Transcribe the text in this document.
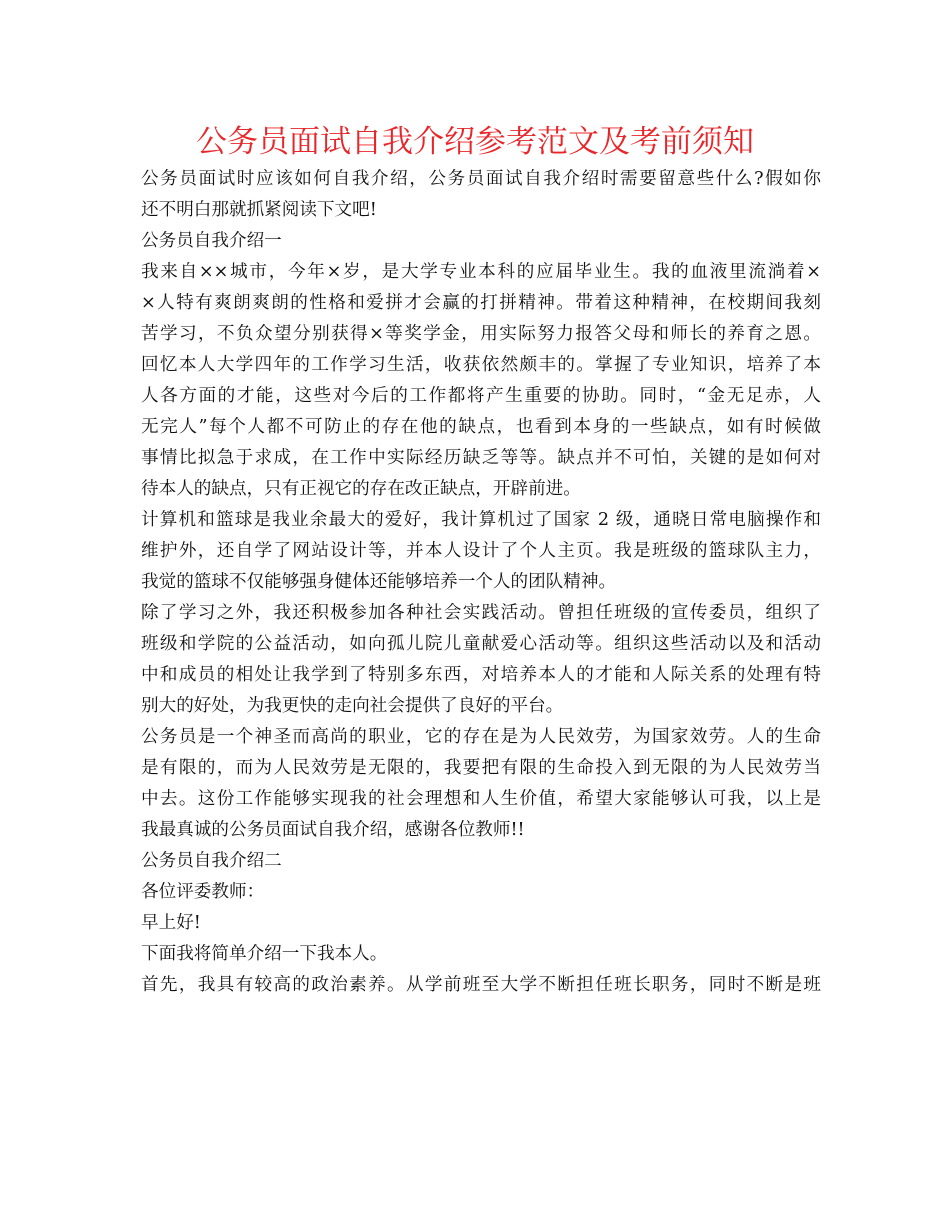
公务员面试自我介绍参考范文及考前须知
公务员面试时应该如何自我介绍，公务员面试自我介绍时需要留意些什么?假如你
还不明白那就抓紧阅读下文吧!
公务员自我介绍一
我来自××城市，今年×岁，是大学专业本科的应届毕业生。我的血液里流淌着×
×人特有爽朗爽朗的性格和爱拼才会赢的打拼精神。带着这种精神，在校期间我刻
苦学习，不负众望分别获得×等奖学金，用实际努力报答父母和师长的养育之恩。
回忆本人大学四年的工作学习生活，收获依然颇丰的。掌握了专业知识，培养了本
人各方面的才能，这些对今后的工作都将产生重要的协助。同时，“金无足赤，人
无完人”每个人都不可防止的存在他的缺点，也看到本身的一些缺点，如有时候做
事情比拟急于求成，在工作中实际经历缺乏等等。缺点并不可怕，关键的是如何对
待本人的缺点，只有正视它的存在改正缺点，开辟前进。
计算机和篮球是我业余最大的爱好，我计算机过了国家 2 级，通晓日常电脑操作和
维护外，还自学了网站设计等，并本人设计了个人主页。我是班级的篮球队主力，
我觉的篮球不仅能够强身健体还能够培养一个人的团队精神。
除了学习之外，我还积极参加各种社会实践活动。曾担任班级的宣传委员，组织了
班级和学院的公益活动，如向孤儿院儿童献爱心活动等。组织这些活动以及和活动
中和成员的相处让我学到了特别多东西，对培养本人的才能和人际关系的处理有特
别大的好处，为我更快的走向社会提供了良好的平台。
公务员是一个神圣而高尚的职业，它的存在是为人民效劳，为国家效劳。人的生命
是有限的，而为人民效劳是无限的，我要把有限的生命投入到无限的为人民效劳当
中去。这份工作能够实现我的社会理想和人生价值，希望大家能够认可我，以上是
我最真诚的公务员面试自我介绍，感谢各位教师!!
公务员自我介绍二
各位评委教师：
早上好!
下面我将简单介绍一下我本人。
首先，我具有较高的政治素养。从学前班至大学不断担任班长职务，同时不断是班
